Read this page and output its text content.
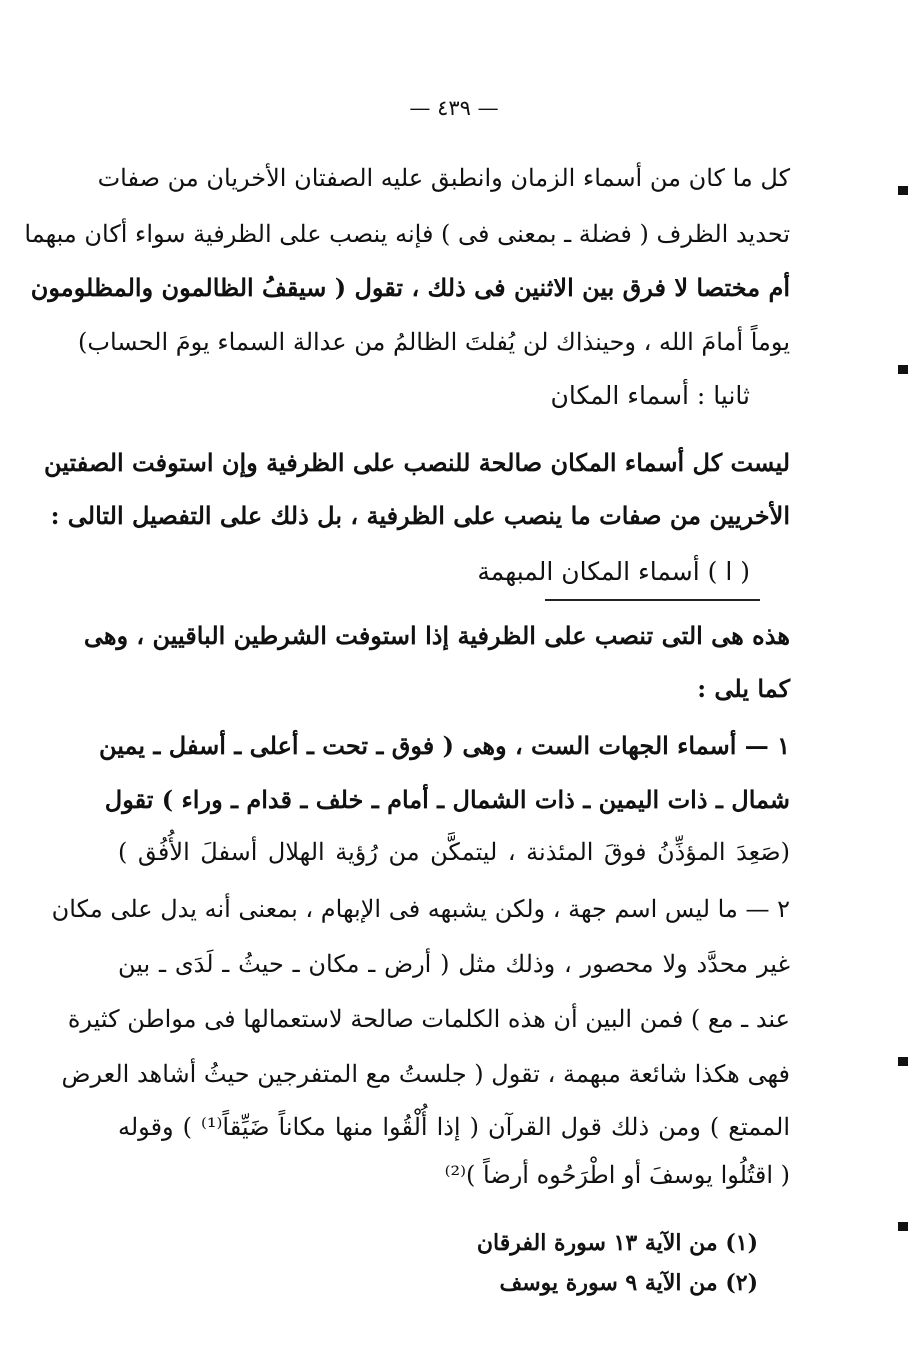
— ٤٣٩ —
كل ما كان من أسماء الزمان وانطبق عليه الصفتان الأخريان من صفات
تحديد الظرف ( فضلة ـ بمعنى فى ) فإنه ينصب على الظرفية سواء أكان مبهما
أم مختصا لا فرق بين الاثنين فى ذلك ، تقول ( سيقفُ الظالمون والمظلومون
يوماً أمامَ الله ، وحينذاك لن يُفلتَ الظالمُ من عدالة السماء يومَ الحساب)
ثانيا : أسماء المكان
ليست كل أسماء المكان صالحة للنصب على الظرفية وإن استوفت الصفتين
الأخريين من صفات ما ينصب على الظرفية ، بل ذلك على التفصيل التالى :
( ا ) أسماء المكان المبهمة
هذه هى التى تنصب على الظرفية إذا استوفت الشرطين الباقيين ، وهى
كما يلى :
١ — أسماء الجهات الست ، وهى ( فوق ـ تحت ـ أعلى ـ أسفل ـ يمين
شمال ـ ذات اليمين ـ ذات الشمال ـ أمام ـ خلف ـ قدام ـ وراء ) تقول
(صَعِدَ المؤذِّنُ فوقَ المئذنة ، ليتمكَّن من رُؤية الهلال أسفلَ الأُفُق )
٢ — ما ليس اسم جهة ، ولكن يشبهه فى الإبهام ، بمعنى أنه يدل على مكان
غير محدَّد ولا محصور ، وذلك مثل ( أرض ـ مكان ـ حيثُ ـ لَدَى ـ بين
عند ـ مع ) فمن البين أن هذه الكلمات صالحة لاستعمالها فى مواطن كثيرة
فهى هكذا شائعة مبهمة ، تقول ( جلستُ مع المتفرجين حيثُ أشاهد العرض
الممتع ) ومن ذلك قول القرآن ( إذا أُلْقُوا منها مكاناً ضَيِّقاً⁽¹⁾ ) وقوله
( اقتُلُوا يوسفَ أو اطْرَحُوه أرضاً )⁽²⁾
(١) من الآية ١٣ سورة الفرقان
(٢) من الآية ٩ سورة يوسف
